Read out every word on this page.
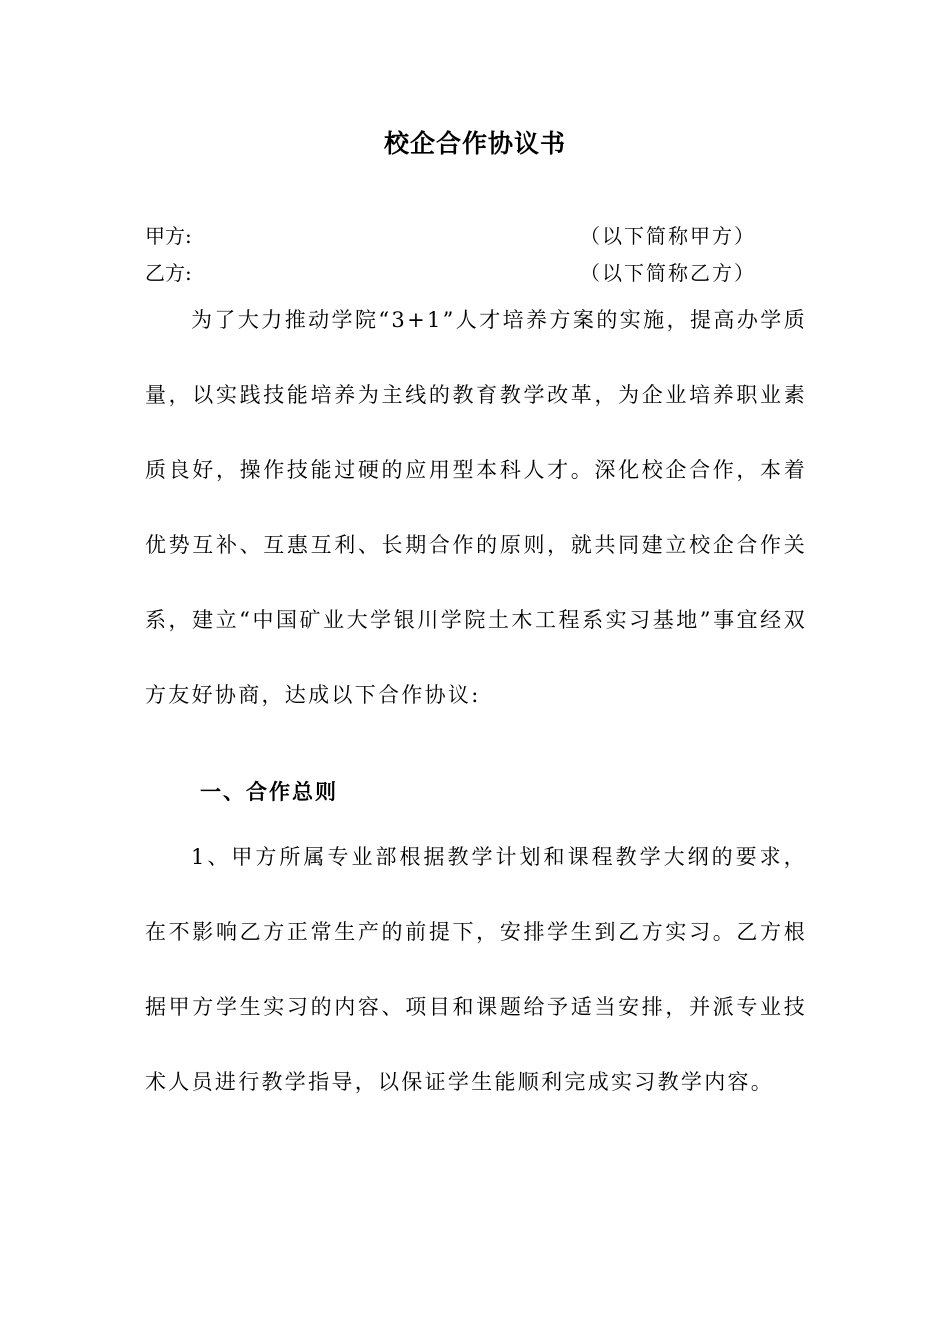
校企合作协议书
甲方:	（以下简称甲方）
乙方:	（以下简称乙方）

为了大力推动学院“3+1”人才培养方案的实施，提高办学质量，以实践技能培养为主线的教育教学改革，为企业培养职业素质良好，操作技能过硬的应用型本科人才。深化校企合作，本着优势互补、互惠互利、长期合作的原则，就共同建立校企合作关系，建立“中国矿业大学银川学院土木工程系实习基地”事宜经双方友好协商，达成以下合作协议:

一、合作总则

1、甲方所属专业部根据教学计划和课程教学大纲的要求，在不影响乙方正常生产的前提下，安排学生到乙方实习。乙方根据甲方学生实习的内容、项目和课题给予适当安排，并派专业技术人员进行教学指导，以保证学生能顺利完成实习教学内容。
